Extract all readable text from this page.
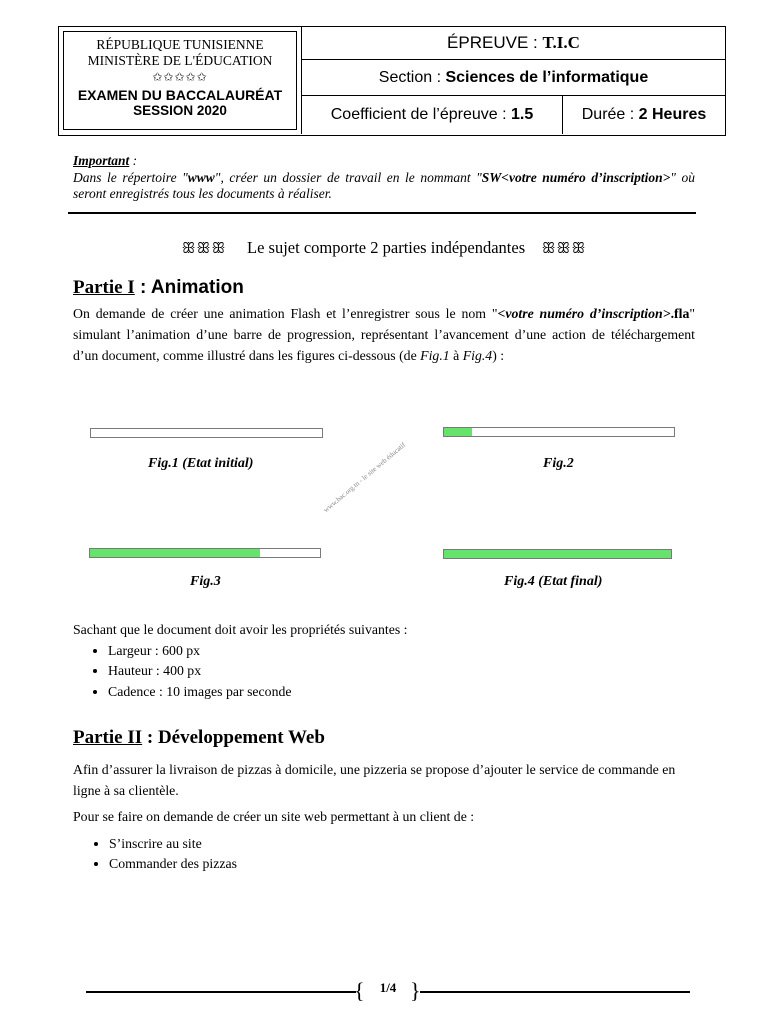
RÉPUBLIQUE TUNISIENNE
MINISTÈRE DE L'ÉDUCATION
✩✩✩✩✩
EXAMEN DU BACCALAURÉAT
SESSION 2020
ÉPREUVE : T.I.C
Section : Sciences de l’informatique
Coefficient de l’épreuve : 1.5	Durée : 2 Heures
Important :
Dans le répertoire "www", créer un dossier de travail en le nommant "SW<votre numéro d’inscription>" où seront enregistrés tous les documents à réaliser.
ꕥꕥꕥ Le sujet comporte 2 parties indépendantes ꕥꕥꕥ
Partie I : Animation
On demande de créer une animation Flash et l’enregistrer sous le nom "<votre numéro d’inscription>.fla" simulant l’animation d’une barre de progression, représentant l’avancement d’une action de téléchargement d’un document, comme illustré dans les figures ci-dessous (de Fig.1 à Fig.4) :
Fig.1 (Etat initial)	Fig.2
www.bac.org.tn - le site web éducatif
Fig.3	Fig.4 (Etat final)
Sachant que le document doit avoir les propriétés suivantes :
• Largeur : 600 px
• Hauteur : 400 px
• Cadence : 10 images par seconde
Partie II : Développement Web

Afin d’assurer la livraison de pizzas à domicile, une pizzeria se propose d’ajouter le service de commande en ligne à sa clientèle.

Pour se faire on demande de créer un site web permettant à un client de :

• S’inscrire au site
• Commander des pizzas
{ }
1/4
